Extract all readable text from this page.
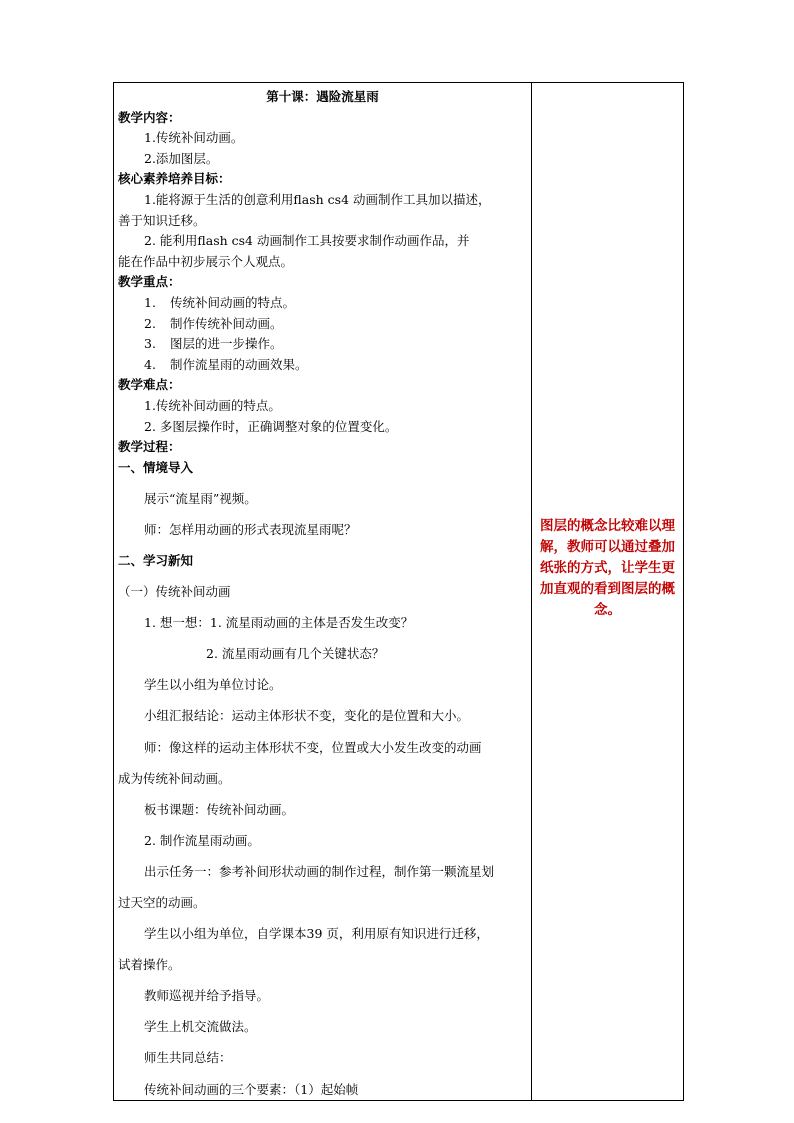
第十课：遇险流星雨
教学内容：
1.传统补间动画。
2.添加图层。
核心素养培养目标：
1.能将源于生活的创意利用flash cs4 动画制作工具加以描述，
善于知识迁移。
2. 能利用flash cs4 动画制作工具按要求制作动画作品，并
能在作品中初步展示个人观点。
教学重点：
1. 传统补间动画的特点。
2. 制作传统补间动画。
3. 图层的进一步操作。
4. 制作流星雨的动画效果。
教学难点：
1.传统补间动画的特点。
2. 多图层操作时，正确调整对象的位置变化。
教学过程：
一、情境导入
展示“流星雨”视频。
师：怎样用动画的形式表现流星雨呢？
二、学习新知
（一）传统补间动画
1. 想一想：1. 流星雨动画的主体是否发生改变？
2. 流星雨动画有几个关键状态？
学生以小组为单位讨论。
小组汇报结论：运动主体形状不变，变化的是位置和大小。
师：像这样的运动主体形状不变，位置或大小发生改变的动画
成为传统补间动画。
板书课题：传统补间动画。
2. 制作流星雨动画。
出示任务一：参考补间形状动画的制作过程，制作第一颗流星划
过天空的动画。
学生以小组为单位，自学课本39 页，利用原有知识进行迁移，
试着操作。
教师巡视并给予指导。
学生上机交流做法。
师生共同总结：
传统补间动画的三个要素：（1）起始帧

图层的概念比较难以理解，教师可以通过叠加纸张的方式，让学生更加直观的看到图层的概念。
